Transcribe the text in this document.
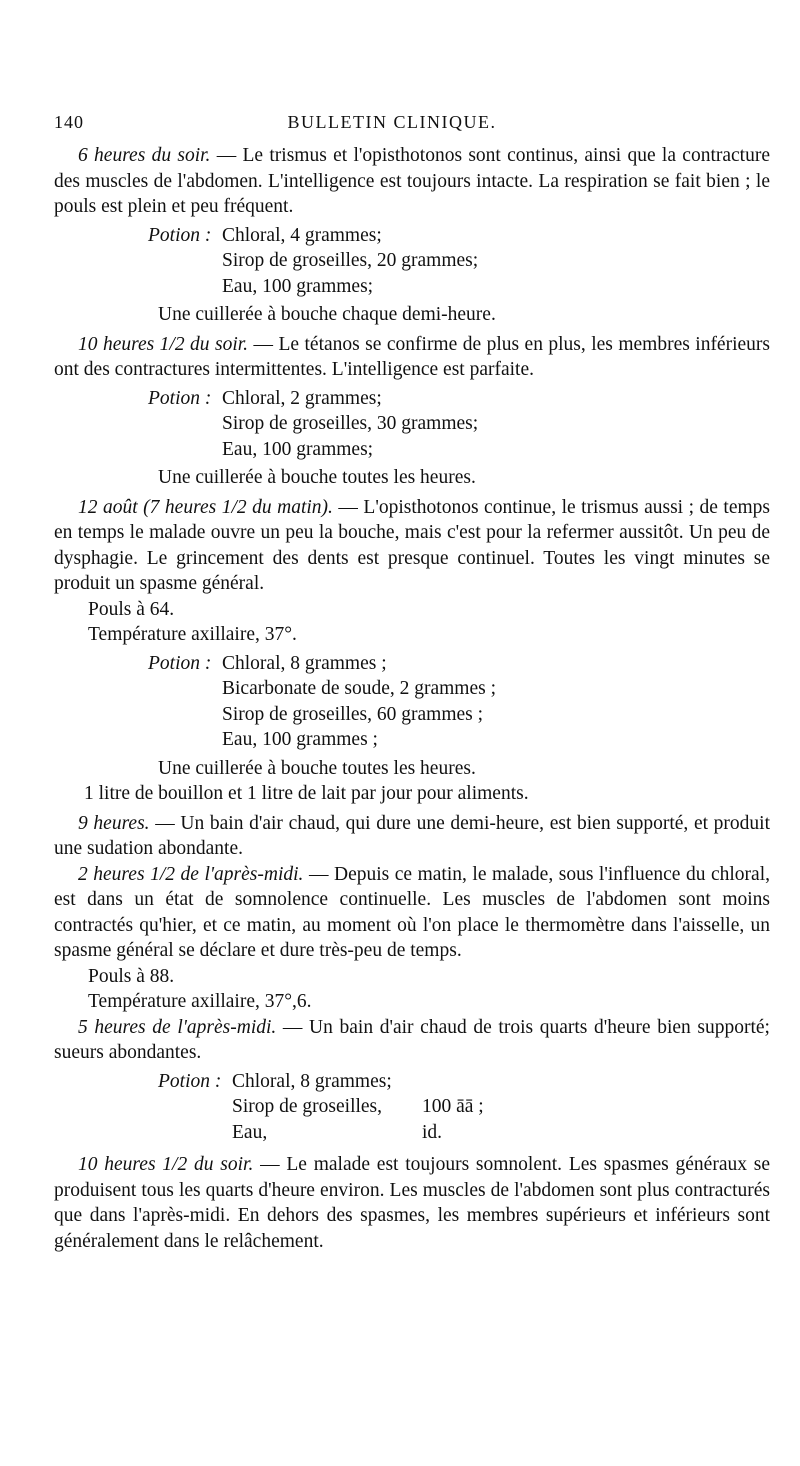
140	BULLETIN CLINIQUE.

6 heures du soir. — Le trismus et l'opisthotonos sont continus, ainsi que la contracture des muscles de l'abdomen. L'intelligence est toujours intacte. La respiration se fait bien ; le pouls est plein et peu fréquent.

Potion : Chloral, 4 grammes;
Sirop de groseilles, 20 grammes;
Eau, 100 grammes;

Une cuillerée à bouche chaque demi-heure.

10 heures 1/2 du soir. — Le tétanos se confirme de plus en plus, les membres inférieurs ont des contractures intermittentes. L'intelligence est parfaite.

Potion : Chloral, 2 grammes;
Sirop de groseilles, 30 grammes;
Eau, 100 grammes;

Une cuillerée à bouche toutes les heures.

12 août (7 heures 1/2 du matin). — L'opisthotonos continue, le trismus aussi ; de temps en temps le malade ouvre un peu la bouche, mais c'est pour la refermer aussitôt. Un peu de dysphagie. Le grincement des dents est presque continuel. Toutes les vingt minutes se produit un spasme général.

Pouls à 64.

Température axillaire, 37°.

Potion : Chloral, 8 grammes ;
Bicarbonate de soude, 2 grammes ;
Sirop de groseilles, 60 grammes ;
Eau, 100 grammes ;

Une cuillerée à bouche toutes les heures.

1 litre de bouillon et 1 litre de lait par jour pour aliments.

9 heures. — Un bain d'air chaud, qui dure une demi-heure, est bien supporté, et produit une sudation abondante.

2 heures 1/2 de l'après-midi. — Depuis ce matin, le malade, sous l'influence du chloral, est dans un état de somnolence continuelle. Les muscles de l'abdomen sont moins contractés qu'hier, et ce matin, au moment où l'on place le thermomètre dans l'aisselle, un spasme général se déclare et dure très-peu de temps.

Pouls à 88.

Température axillaire, 37°,6.

5 heures de l'après-midi. — Un bain d'air chaud de trois quarts d'heure bien supporté; sueurs abondantes.

Potion : Chloral, 8 grammes;
Sirop de groseilles,	100 āā ;
Eau,	id.

10 heures 1/2 du soir. — Le malade est toujours somnolent. Les spasmes généraux se produisent tous les quarts d'heure environ. Les muscles de l'abdomen sont plus contracturés que dans l'après-midi. En dehors des spasmes, les membres supérieurs et inférieurs sont généralement dans le relâchement.
